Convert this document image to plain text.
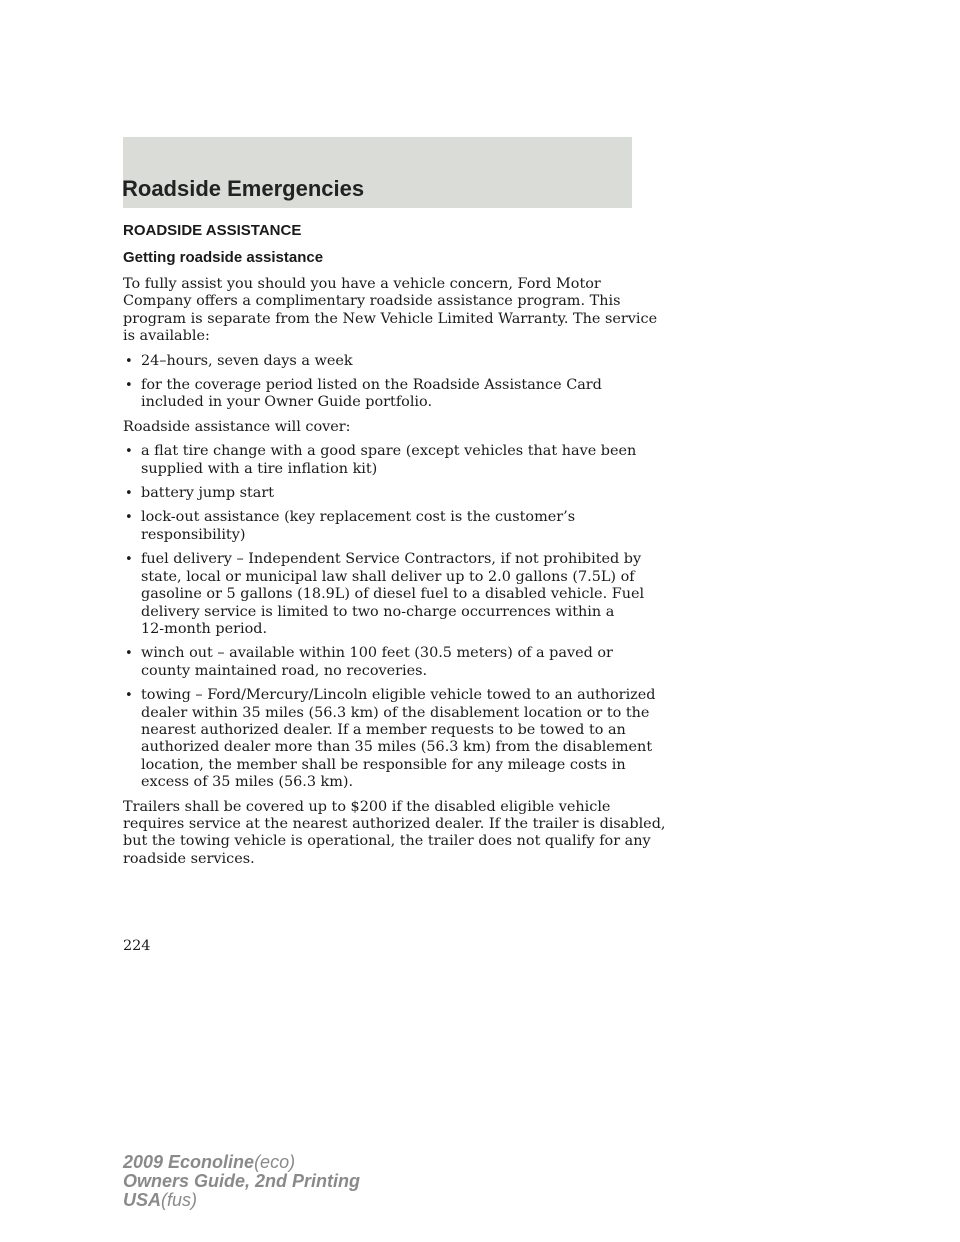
Roadside Emergencies
ROADSIDE ASSISTANCE
Getting roadside assistance
To fully assist you should you have a vehicle concern, Ford Motor
Company offers a complimentary roadside assistance program. This
program is separate from the New Vehicle Limited Warranty. The service
is available:
• 24–hours, seven days a week
• for the coverage period listed on the Roadside Assistance Card
included in your Owner Guide portfolio.
Roadside assistance will cover:
• a flat tire change with a good spare (except vehicles that have been
supplied with a tire inflation kit)
• battery jump start
• lock-out assistance (key replacement cost is the customer’s
responsibility)
• fuel delivery – Independent Service Contractors, if not prohibited by
state, local or municipal law shall deliver up to 2.0 gallons (7.5L) of
gasoline or 5 gallons (18.9L) of diesel fuel to a disabled vehicle. Fuel
delivery service is limited to two no-charge occurrences within a
12-month period.
• winch out – available within 100 feet (30.5 meters) of a paved or
county maintained road, no recoveries.
• towing – Ford/Mercury/Lincoln eligible vehicle towed to an authorized
dealer within 35 miles (56.3 km) of the disablement location or to the
nearest authorized dealer. If a member requests to be towed to an
authorized dealer more than 35 miles (56.3 km) from the disablement
location, the member shall be responsible for any mileage costs in
excess of 35 miles (56.3 km).
Trailers shall be covered up to $200 if the disabled eligible vehicle
requires service at the nearest authorized dealer. If the trailer is disabled,
but the towing vehicle is operational, the trailer does not qualify for any
roadside services.
224
2009 Econoline(eco)
Owners Guide, 2nd Printing
USA(fus)
